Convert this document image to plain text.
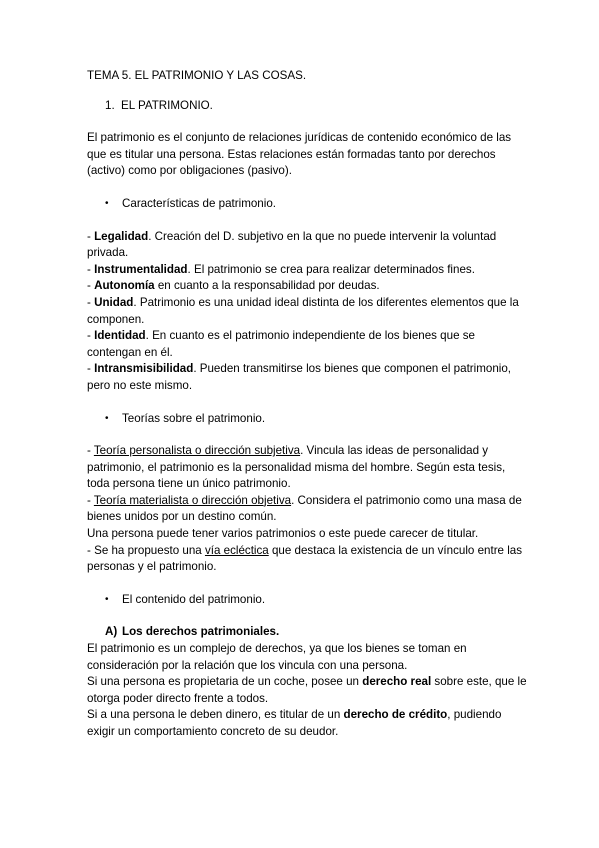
TEMA 5. EL PATRIMONIO Y LAS COSAS.

1. EL PATRIMONIO.

El patrimonio es el conjunto de relaciones jurídicas de contenido económico de las que es titular una persona. Estas relaciones están formadas tanto por derechos (activo) como por obligaciones (pasivo).

•	Características de patrimonio.

- Legalidad. Creación del D. subjetivo en la que no puede intervenir la voluntad privada.

- Instrumentalidad. El patrimonio se crea para realizar determinados fines.

- Autonomía en cuanto a la responsabilidad por deudas.

- Unidad. Patrimonio es una unidad ideal distinta de los diferentes elementos que la componen.

- Identidad. En cuanto es el patrimonio independiente de los bienes que se contengan en él.

- Intransmisibilidad. Pueden transmitirse los bienes que componen el patrimonio, pero no este mismo.

•	Teorías sobre el patrimonio.

- Teoría personalista o dirección subjetiva. Vincula las ideas de personalidad y patrimonio, el patrimonio es la personalidad misma del hombre. Según esta tesis, toda persona tiene un único patrimonio.

- Teoría materialista o dirección objetiva. Considera el patrimonio como una masa de bienes unidos por un destino común.

Una persona puede tener varios patrimonios o este puede carecer de titular.

- Se ha propuesto una vía ecléctica que destaca la existencia de un vínculo entre las personas y el patrimonio.

•	El contenido del patrimonio.
A) Los derechos patrimoniales.

El patrimonio es un complejo de derechos, ya que los bienes se toman en consideración por la relación que los vincula con una persona.

Si una persona es propietaria de un coche, posee un derecho real sobre este, que le otorga poder directo frente a todos.

Si a una persona le deben dinero, es titular de un derecho de crédito, pudiendo exigir un comportamiento concreto de su deudor.
